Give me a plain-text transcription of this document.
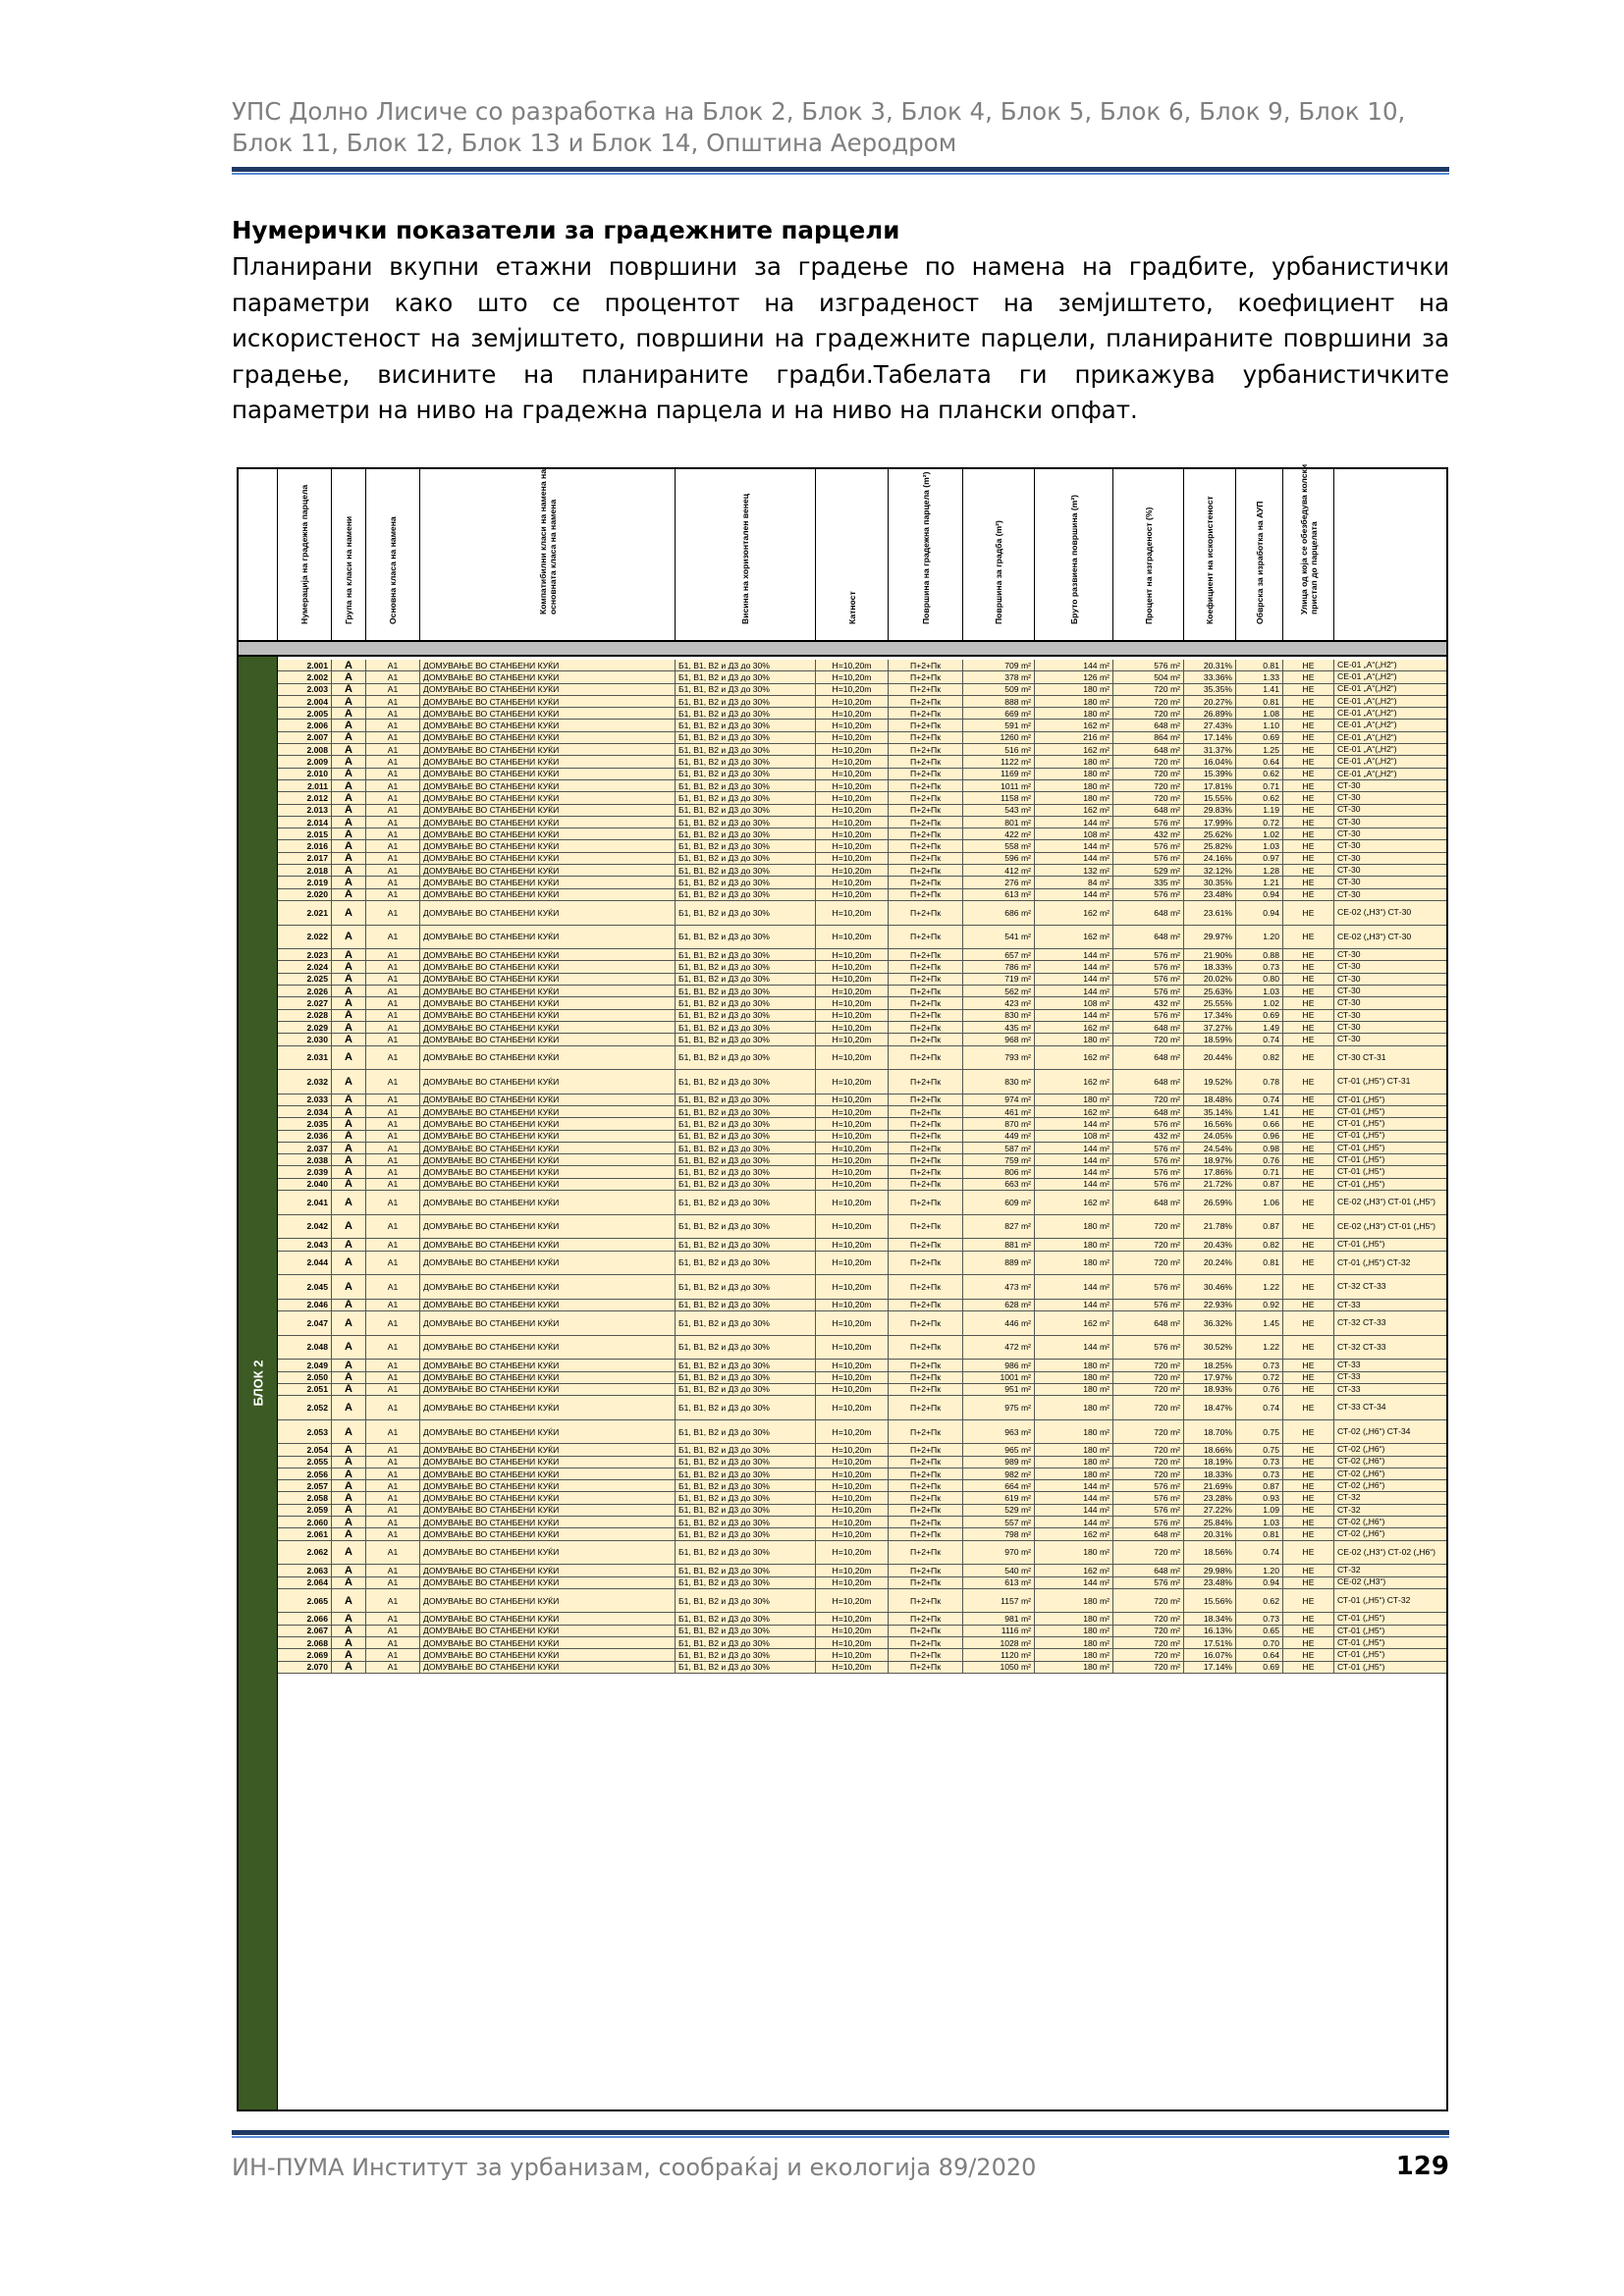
УПС Долно Лисиче со разработка на Блок 2, Блок 3, Блок 4, Блок 5, Блок 6, Блок 9, Блок 10, Блок 11, Блок 12, Блок 13 и Блок 14, Општина Аеродром
Нумерички показатели за градежните парцели
Планирани вкупни етажни површини за градење по намена на градбите, урбанистички параметри како што се процентот на изграденост на земјиштето, коефициент на искористеност на земјиштето, површини на градежните парцели, планираните површини за градење, висините на планираните градби.Табелата ги прикажува урбанистичките параметри на ниво на градежна парцела и на ниво на плански опфат.
Нумерација на градежна парцела	Група на класи на намени	Основна класа на намена	Компатибилни класи на намена на основната класа на намена	Висина на хоризонтален венец	Катност	Површина на градежна парцела (m²)	Површина за градба (m²)	Бруто развиена површина (m²)	Процент на изграденост (%)	Коефициент на искористеност	Обврска за изработка на АУП	Улица од која се обезбедува колски пристап до парцелата
БЛОК 2
2.001	А	А1	ДОМУВАЊЕ ВО СТАНБЕНИ КУЌИ	Б1, В1, В2 и Д3 до 30%	Н=10,20m	П+2+Пк	709 m²	144 m²	576 m²	20.31%	0.81	НЕ	СЕ-01 „А“(„Н2“)
2.002	А	А1	ДОМУВАЊЕ ВО СТАНБЕНИ КУЌИ	Б1, В1, В2 и Д3 до 30%	Н=10,20m	П+2+Пк	378 m²	126 m²	504 m²	33.36%	1.33	НЕ	СЕ-01 „А“(„Н2“)
2.003	А	А1	ДОМУВАЊЕ ВО СТАНБЕНИ КУЌИ	Б1, В1, В2 и Д3 до 30%	Н=10,20m	П+2+Пк	509 m²	180 m²	720 m²	35.35%	1.41	НЕ	СЕ-01 „А“(„Н2“)
2.004	А	А1	ДОМУВАЊЕ ВО СТАНБЕНИ КУЌИ	Б1, В1, В2 и Д3 до 30%	Н=10,20m	П+2+Пк	888 m²	180 m²	720 m²	20.27%	0.81	НЕ	СЕ-01 „А“(„Н2“)
2.005	А	А1	ДОМУВАЊЕ ВО СТАНБЕНИ КУЌИ	Б1, В1, В2 и Д3 до 30%	Н=10,20m	П+2+Пк	669 m²	180 m²	720 m²	26.89%	1.08	НЕ	СЕ-01 „А“(„Н2“)
2.006	А	А1	ДОМУВАЊЕ ВО СТАНБЕНИ КУЌИ	Б1, В1, В2 и Д3 до 30%	Н=10,20m	П+2+Пк	591 m²	162 m²	648 m²	27.43%	1.10	НЕ	СЕ-01 „А“(„Н2“)
2.007	А	А1	ДОМУВАЊЕ ВО СТАНБЕНИ КУЌИ	Б1, В1, В2 и Д3 до 30%	Н=10,20m	П+2+Пк	1260 m²	216 m²	864 m²	17.14%	0.69	НЕ	СЕ-01 „А“(„Н2“)
2.008	А	А1	ДОМУВАЊЕ ВО СТАНБЕНИ КУЌИ	Б1, В1, В2 и Д3 до 30%	Н=10,20m	П+2+Пк	516 m²	162 m²	648 m²	31.37%	1.25	НЕ	СЕ-01 „А“(„Н2“)
2.009	А	А1	ДОМУВАЊЕ ВО СТАНБЕНИ КУЌИ	Б1, В1, В2 и Д3 до 30%	Н=10,20m	П+2+Пк	1122 m²	180 m²	720 m²	16.04%	0.64	НЕ	СЕ-01 „А“(„Н2“)
2.010	А	А1	ДОМУВАЊЕ ВО СТАНБЕНИ КУЌИ	Б1, В1, В2 и Д3 до 30%	Н=10,20m	П+2+Пк	1169 m²	180 m²	720 m²	15.39%	0.62	НЕ	СЕ-01 „А“(„Н2“)
2.011	А	А1	ДОМУВАЊЕ ВО СТАНБЕНИ КУЌИ	Б1, В1, В2 и Д3 до 30%	Н=10,20m	П+2+Пк	1011 m²	180 m²	720 m²	17.81%	0.71	НЕ	СТ-30
2.012	А	А1	ДОМУВАЊЕ ВО СТАНБЕНИ КУЌИ	Б1, В1, В2 и Д3 до 30%	Н=10,20m	П+2+Пк	1158 m²	180 m²	720 m²	15.55%	0.62	НЕ	СТ-30
2.013	А	А1	ДОМУВАЊЕ ВО СТАНБЕНИ КУЌИ	Б1, В1, В2 и Д3 до 30%	Н=10,20m	П+2+Пк	543 m²	162 m²	648 m²	29.83%	1.19	НЕ	СТ-30
2.014	А	А1	ДОМУВАЊЕ ВО СТАНБЕНИ КУЌИ	Б1, В1, В2 и Д3 до 30%	Н=10,20m	П+2+Пк	801 m²	144 m²	576 m²	17.99%	0.72	НЕ	СТ-30
2.015	А	А1	ДОМУВАЊЕ ВО СТАНБЕНИ КУЌИ	Б1, В1, В2 и Д3 до 30%	Н=10,20m	П+2+Пк	422 m²	108 m²	432 m²	25.62%	1.02	НЕ	СТ-30
2.016	А	А1	ДОМУВАЊЕ ВО СТАНБЕНИ КУЌИ	Б1, В1, В2 и Д3 до 30%	Н=10,20m	П+2+Пк	558 m²	144 m²	576 m²	25.82%	1.03	НЕ	СТ-30
2.017	А	А1	ДОМУВАЊЕ ВО СТАНБЕНИ КУЌИ	Б1, В1, В2 и Д3 до 30%	Н=10,20m	П+2+Пк	596 m²	144 m²	576 m²	24.16%	0.97	НЕ	СТ-30
2.018	А	А1	ДОМУВАЊЕ ВО СТАНБЕНИ КУЌИ	Б1, В1, В2 и Д3 до 30%	Н=10,20m	П+2+Пк	412 m²	132 m²	529 m²	32.12%	1.28	НЕ	СТ-30
2.019	А	А1	ДОМУВАЊЕ ВО СТАНБЕНИ КУЌИ	Б1, В1, В2 и Д3 до 30%	Н=10,20m	П+2+Пк	276 m²	84 m²	335 m²	30.35%	1.21	НЕ	СТ-30
2.020	А	А1	ДОМУВАЊЕ ВО СТАНБЕНИ КУЌИ	Б1, В1, В2 и Д3 до 30%	Н=10,20m	П+2+Пк	613 m²	144 m²	576 m²	23.48%	0.94	НЕ	СТ-30
2.021	А	А1	ДОМУВАЊЕ ВО СТАНБЕНИ КУЌИ	Б1, В1, В2 и Д3 до 30%	Н=10,20m	П+2+Пк	686 m²	162 m²	648 m²	23.61%	0.94	НЕ	СЕ-02 („Н3“) СТ-30
2.022	А	А1	ДОМУВАЊЕ ВО СТАНБЕНИ КУЌИ	Б1, В1, В2 и Д3 до 30%	Н=10,20m	П+2+Пк	541 m²	162 m²	648 m²	29.97%	1.20	НЕ	СЕ-02 („Н3“) СТ-30
2.023	А	А1	ДОМУВАЊЕ ВО СТАНБЕНИ КУЌИ	Б1, В1, В2 и Д3 до 30%	Н=10,20m	П+2+Пк	657 m²	144 m²	576 m²	21.90%	0.88	НЕ	СТ-30
2.024	А	А1	ДОМУВАЊЕ ВО СТАНБЕНИ КУЌИ	Б1, В1, В2 и Д3 до 30%	Н=10,20m	П+2+Пк	786 m²	144 m²	576 m²	18.33%	0.73	НЕ	СТ-30
2.025	А	А1	ДОМУВАЊЕ ВО СТАНБЕНИ КУЌИ	Б1, В1, В2 и Д3 до 30%	Н=10,20m	П+2+Пк	719 m²	144 m²	576 m²	20.02%	0.80	НЕ	СТ-30
2.026	А	А1	ДОМУВАЊЕ ВО СТАНБЕНИ КУЌИ	Б1, В1, В2 и Д3 до 30%	Н=10,20m	П+2+Пк	562 m²	144 m²	576 m²	25.63%	1.03	НЕ	СТ-30
2.027	А	А1	ДОМУВАЊЕ ВО СТАНБЕНИ КУЌИ	Б1, В1, В2 и Д3 до 30%	Н=10,20m	П+2+Пк	423 m²	108 m²	432 m²	25.55%	1.02	НЕ	СТ-30
2.028	А	А1	ДОМУВАЊЕ ВО СТАНБЕНИ КУЌИ	Б1, В1, В2 и Д3 до 30%	Н=10,20m	П+2+Пк	830 m²	144 m²	576 m²	17.34%	0.69	НЕ	СТ-30
2.029	А	А1	ДОМУВАЊЕ ВО СТАНБЕНИ КУЌИ	Б1, В1, В2 и Д3 до 30%	Н=10,20m	П+2+Пк	435 m²	162 m²	648 m²	37.27%	1.49	НЕ	СТ-30
2.030	А	А1	ДОМУВАЊЕ ВО СТАНБЕНИ КУЌИ	Б1, В1, В2 и Д3 до 30%	Н=10,20m	П+2+Пк	968 m²	180 m²	720 m²	18.59%	0.74	НЕ	СТ-30
2.031	А	А1	ДОМУВАЊЕ ВО СТАНБЕНИ КУЌИ	Б1, В1, В2 и Д3 до 30%	Н=10,20m	П+2+Пк	793 m²	162 m²	648 m²	20.44%	0.82	НЕ	СТ-30 СТ-31
2.032	А	А1	ДОМУВАЊЕ ВО СТАНБЕНИ КУЌИ	Б1, В1, В2 и Д3 до 30%	Н=10,20m	П+2+Пк	830 m²	162 m²	648 m²	19.52%	0.78	НЕ	СТ-01 („Н5“) СТ-31
2.033	А	А1	ДОМУВАЊЕ ВО СТАНБЕНИ КУЌИ	Б1, В1, В2 и Д3 до 30%	Н=10,20m	П+2+Пк	974 m²	180 m²	720 m²	18.48%	0.74	НЕ	СТ-01 („Н5“)
2.034	А	А1	ДОМУВАЊЕ ВО СТАНБЕНИ КУЌИ	Б1, В1, В2 и Д3 до 30%	Н=10,20m	П+2+Пк	461 m²	162 m²	648 m²	35.14%	1.41	НЕ	СТ-01 („Н5“)
2.035	А	А1	ДОМУВАЊЕ ВО СТАНБЕНИ КУЌИ	Б1, В1, В2 и Д3 до 30%	Н=10,20m	П+2+Пк	870 m²	144 m²	576 m²	16.56%	0.66	НЕ	СТ-01 („Н5“)
2.036	А	А1	ДОМУВАЊЕ ВО СТАНБЕНИ КУЌИ	Б1, В1, В2 и Д3 до 30%	Н=10,20m	П+2+Пк	449 m²	108 m²	432 m²	24.05%	0.96	НЕ	СТ-01 („Н5“)
2.037	А	А1	ДОМУВАЊЕ ВО СТАНБЕНИ КУЌИ	Б1, В1, В2 и Д3 до 30%	Н=10,20m	П+2+Пк	587 m²	144 m²	576 m²	24.54%	0.98	НЕ	СТ-01 („Н5“)
2.038	А	А1	ДОМУВАЊЕ ВО СТАНБЕНИ КУЌИ	Б1, В1, В2 и Д3 до 30%	Н=10,20m	П+2+Пк	759 m²	144 m²	576 m²	18.97%	0.76	НЕ	СТ-01 („Н5“)
2.039	А	А1	ДОМУВАЊЕ ВО СТАНБЕНИ КУЌИ	Б1, В1, В2 и Д3 до 30%	Н=10,20m	П+2+Пк	806 m²	144 m²	576 m²	17.86%	0.71	НЕ	СТ-01 („Н5“)
2.040	А	А1	ДОМУВАЊЕ ВО СТАНБЕНИ КУЌИ	Б1, В1, В2 и Д3 до 30%	Н=10,20m	П+2+Пк	663 m²	144 m²	576 m²	21.72%	0.87	НЕ	СТ-01 („Н5“)
2.041	А	А1	ДОМУВАЊЕ ВО СТАНБЕНИ КУЌИ	Б1, В1, В2 и Д3 до 30%	Н=10,20m	П+2+Пк	609 m²	162 m²	648 m²	26.59%	1.06	НЕ	СЕ-02 („Н3“) СТ-01 („Н5“)
2.042	А	А1	ДОМУВАЊЕ ВО СТАНБЕНИ КУЌИ	Б1, В1, В2 и Д3 до 30%	Н=10,20m	П+2+Пк	827 m²	180 m²	720 m²	21.78%	0.87	НЕ	СЕ-02 („Н3“) СТ-01 („Н5“)
2.043	А	А1	ДОМУВАЊЕ ВО СТАНБЕНИ КУЌИ	Б1, В1, В2 и Д3 до 30%	Н=10,20m	П+2+Пк	881 m²	180 m²	720 m²	20.43%	0.82	НЕ	СТ-01 („Н5“)
2.044	А	А1	ДОМУВАЊЕ ВО СТАНБЕНИ КУЌИ	Б1, В1, В2 и Д3 до 30%	Н=10,20m	П+2+Пк	889 m²	180 m²	720 m²	20.24%	0.81	НЕ	СТ-01 („Н5“) СТ-32
2.045	А	А1	ДОМУВАЊЕ ВО СТАНБЕНИ КУЌИ	Б1, В1, В2 и Д3 до 30%	Н=10,20m	П+2+Пк	473 m²	144 m²	576 m²	30.46%	1.22	НЕ	СТ-32 СТ-33
2.046	А	А1	ДОМУВАЊЕ ВО СТАНБЕНИ КУЌИ	Б1, В1, В2 и Д3 до 30%	Н=10,20m	П+2+Пк	628 m²	144 m²	576 m²	22.93%	0.92	НЕ	СТ-33
2.047	А	А1	ДОМУВАЊЕ ВО СТАНБЕНИ КУЌИ	Б1, В1, В2 и Д3 до 30%	Н=10,20m	П+2+Пк	446 m²	162 m²	648 m²	36.32%	1.45	НЕ	СТ-32 СТ-33
2.048	А	А1	ДОМУВАЊЕ ВО СТАНБЕНИ КУЌИ	Б1, В1, В2 и Д3 до 30%	Н=10,20m	П+2+Пк	472 m²	144 m²	576 m²	30.52%	1.22	НЕ	СТ-32 СТ-33
2.049	А	А1	ДОМУВАЊЕ ВО СТАНБЕНИ КУЌИ	Б1, В1, В2 и Д3 до 30%	Н=10,20m	П+2+Пк	986 m²	180 m²	720 m²	18.25%	0.73	НЕ	СТ-33
2.050	А	А1	ДОМУВАЊЕ ВО СТАНБЕНИ КУЌИ	Б1, В1, В2 и Д3 до 30%	Н=10,20m	П+2+Пк	1001 m²	180 m²	720 m²	17.97%	0.72	НЕ	СТ-33
2.051	А	А1	ДОМУВАЊЕ ВО СТАНБЕНИ КУЌИ	Б1, В1, В2 и Д3 до 30%	Н=10,20m	П+2+Пк	951 m²	180 m²	720 m²	18.93%	0.76	НЕ	СТ-33
2.052	А	А1	ДОМУВАЊЕ ВО СТАНБЕНИ КУЌИ	Б1, В1, В2 и Д3 до 30%	Н=10,20m	П+2+Пк	975 m²	180 m²	720 m²	18.47%	0.74	НЕ	СТ-33 СТ-34
2.053	А	А1	ДОМУВАЊЕ ВО СТАНБЕНИ КУЌИ	Б1, В1, В2 и Д3 до 30%	Н=10,20m	П+2+Пк	963 m²	180 m²	720 m²	18.70%	0.75	НЕ	СТ-02 („Н6“) СТ-34
2.054	А	А1	ДОМУВАЊЕ ВО СТАНБЕНИ КУЌИ	Б1, В1, В2 и Д3 до 30%	Н=10,20m	П+2+Пк	965 m²	180 m²	720 m²	18.66%	0.75	НЕ	СТ-02 („Н6“)
2.055	А	А1	ДОМУВАЊЕ ВО СТАНБЕНИ КУЌИ	Б1, В1, В2 и Д3 до 30%	Н=10,20m	П+2+Пк	989 m²	180 m²	720 m²	18.19%	0.73	НЕ	СТ-02 („Н6“)
2.056	А	А1	ДОМУВАЊЕ ВО СТАНБЕНИ КУЌИ	Б1, В1, В2 и Д3 до 30%	Н=10,20m	П+2+Пк	982 m²	180 m²	720 m²	18.33%	0.73	НЕ	СТ-02 („Н6“)
2.057	А	А1	ДОМУВАЊЕ ВО СТАНБЕНИ КУЌИ	Б1, В1, В2 и Д3 до 30%	Н=10,20m	П+2+Пк	664 m²	144 m²	576 m²	21.69%	0.87	НЕ	СТ-02 („Н6“)
2.058	А	А1	ДОМУВАЊЕ ВО СТАНБЕНИ КУЌИ	Б1, В1, В2 и Д3 до 30%	Н=10,20m	П+2+Пк	619 m²	144 m²	576 m²	23.28%	0.93	НЕ	СТ-32
2.059	А	А1	ДОМУВАЊЕ ВО СТАНБЕНИ КУЌИ	Б1, В1, В2 и Д3 до 30%	Н=10,20m	П+2+Пк	529 m²	144 m²	576 m²	27.22%	1.09	НЕ	СТ-32
2.060	А	А1	ДОМУВАЊЕ ВО СТАНБЕНИ КУЌИ	Б1, В1, В2 и Д3 до 30%	Н=10,20m	П+2+Пк	557 m²	144 m²	576 m²	25.84%	1.03	НЕ	СТ-02 („Н6“)
2.061	А	А1	ДОМУВАЊЕ ВО СТАНБЕНИ КУЌИ	Б1, В1, В2 и Д3 до 30%	Н=10,20m	П+2+Пк	798 m²	162 m²	648 m²	20.31%	0.81	НЕ	СТ-02 („Н6“)
2.062	А	А1	ДОМУВАЊЕ ВО СТАНБЕНИ КУЌИ	Б1, В1, В2 и Д3 до 30%	Н=10,20m	П+2+Пк	970 m²	180 m²	720 m²	18.56%	0.74	НЕ	СЕ-02 („Н3“) СТ-02 („Н6“)
2.063	А	А1	ДОМУВАЊЕ ВО СТАНБЕНИ КУЌИ	Б1, В1, В2 и Д3 до 30%	Н=10,20m	П+2+Пк	540 m²	162 m²	648 m²	29.98%	1.20	НЕ	СТ-32
2.064	А	А1	ДОМУВАЊЕ ВО СТАНБЕНИ КУЌИ	Б1, В1, В2 и Д3 до 30%	Н=10,20m	П+2+Пк	613 m²	144 m²	576 m²	23.48%	0.94	НЕ	СЕ-02 („Н3“)
2.065	А	А1	ДОМУВАЊЕ ВО СТАНБЕНИ КУЌИ	Б1, В1, В2 и Д3 до 30%	Н=10,20m	П+2+Пк	1157 m²	180 m²	720 m²	15.56%	0.62	НЕ	СТ-01 („Н5“) СТ-32
2.066	А	А1	ДОМУВАЊЕ ВО СТАНБЕНИ КУЌИ	Б1, В1, В2 и Д3 до 30%	Н=10,20m	П+2+Пк	981 m²	180 m²	720 m²	18.34%	0.73	НЕ	СТ-01 („Н5“)
2.067	А	А1	ДОМУВАЊЕ ВО СТАНБЕНИ КУЌИ	Б1, В1, В2 и Д3 до 30%	Н=10,20m	П+2+Пк	1116 m²	180 m²	720 m²	16.13%	0.65	НЕ	СТ-01 („Н5“)
2.068	А	А1	ДОМУВАЊЕ ВО СТАНБЕНИ КУЌИ	Б1, В1, В2 и Д3 до 30%	Н=10,20m	П+2+Пк	1028 m²	180 m²	720 m²	17.51%	0.70	НЕ	СТ-01 („Н5“)
2.069	А	А1	ДОМУВАЊЕ ВО СТАНБЕНИ КУЌИ	Б1, В1, В2 и Д3 до 30%	Н=10,20m	П+2+Пк	1120 m²	180 m²	720 m²	16.07%	0.64	НЕ	СТ-01 („Н5“)
2.070	А	А1	ДОМУВАЊЕ ВО СТАНБЕНИ КУЌИ	Б1, В1, В2 и Д3 до 30%	Н=10,20m	П+2+Пк	1050 m²	180 m²	720 m²	17.14%	0.69	НЕ	СТ-01 („Н5“)
ИН-ПУМА Институт за урбанизам, сообраќај и екологија 89/2020	129
